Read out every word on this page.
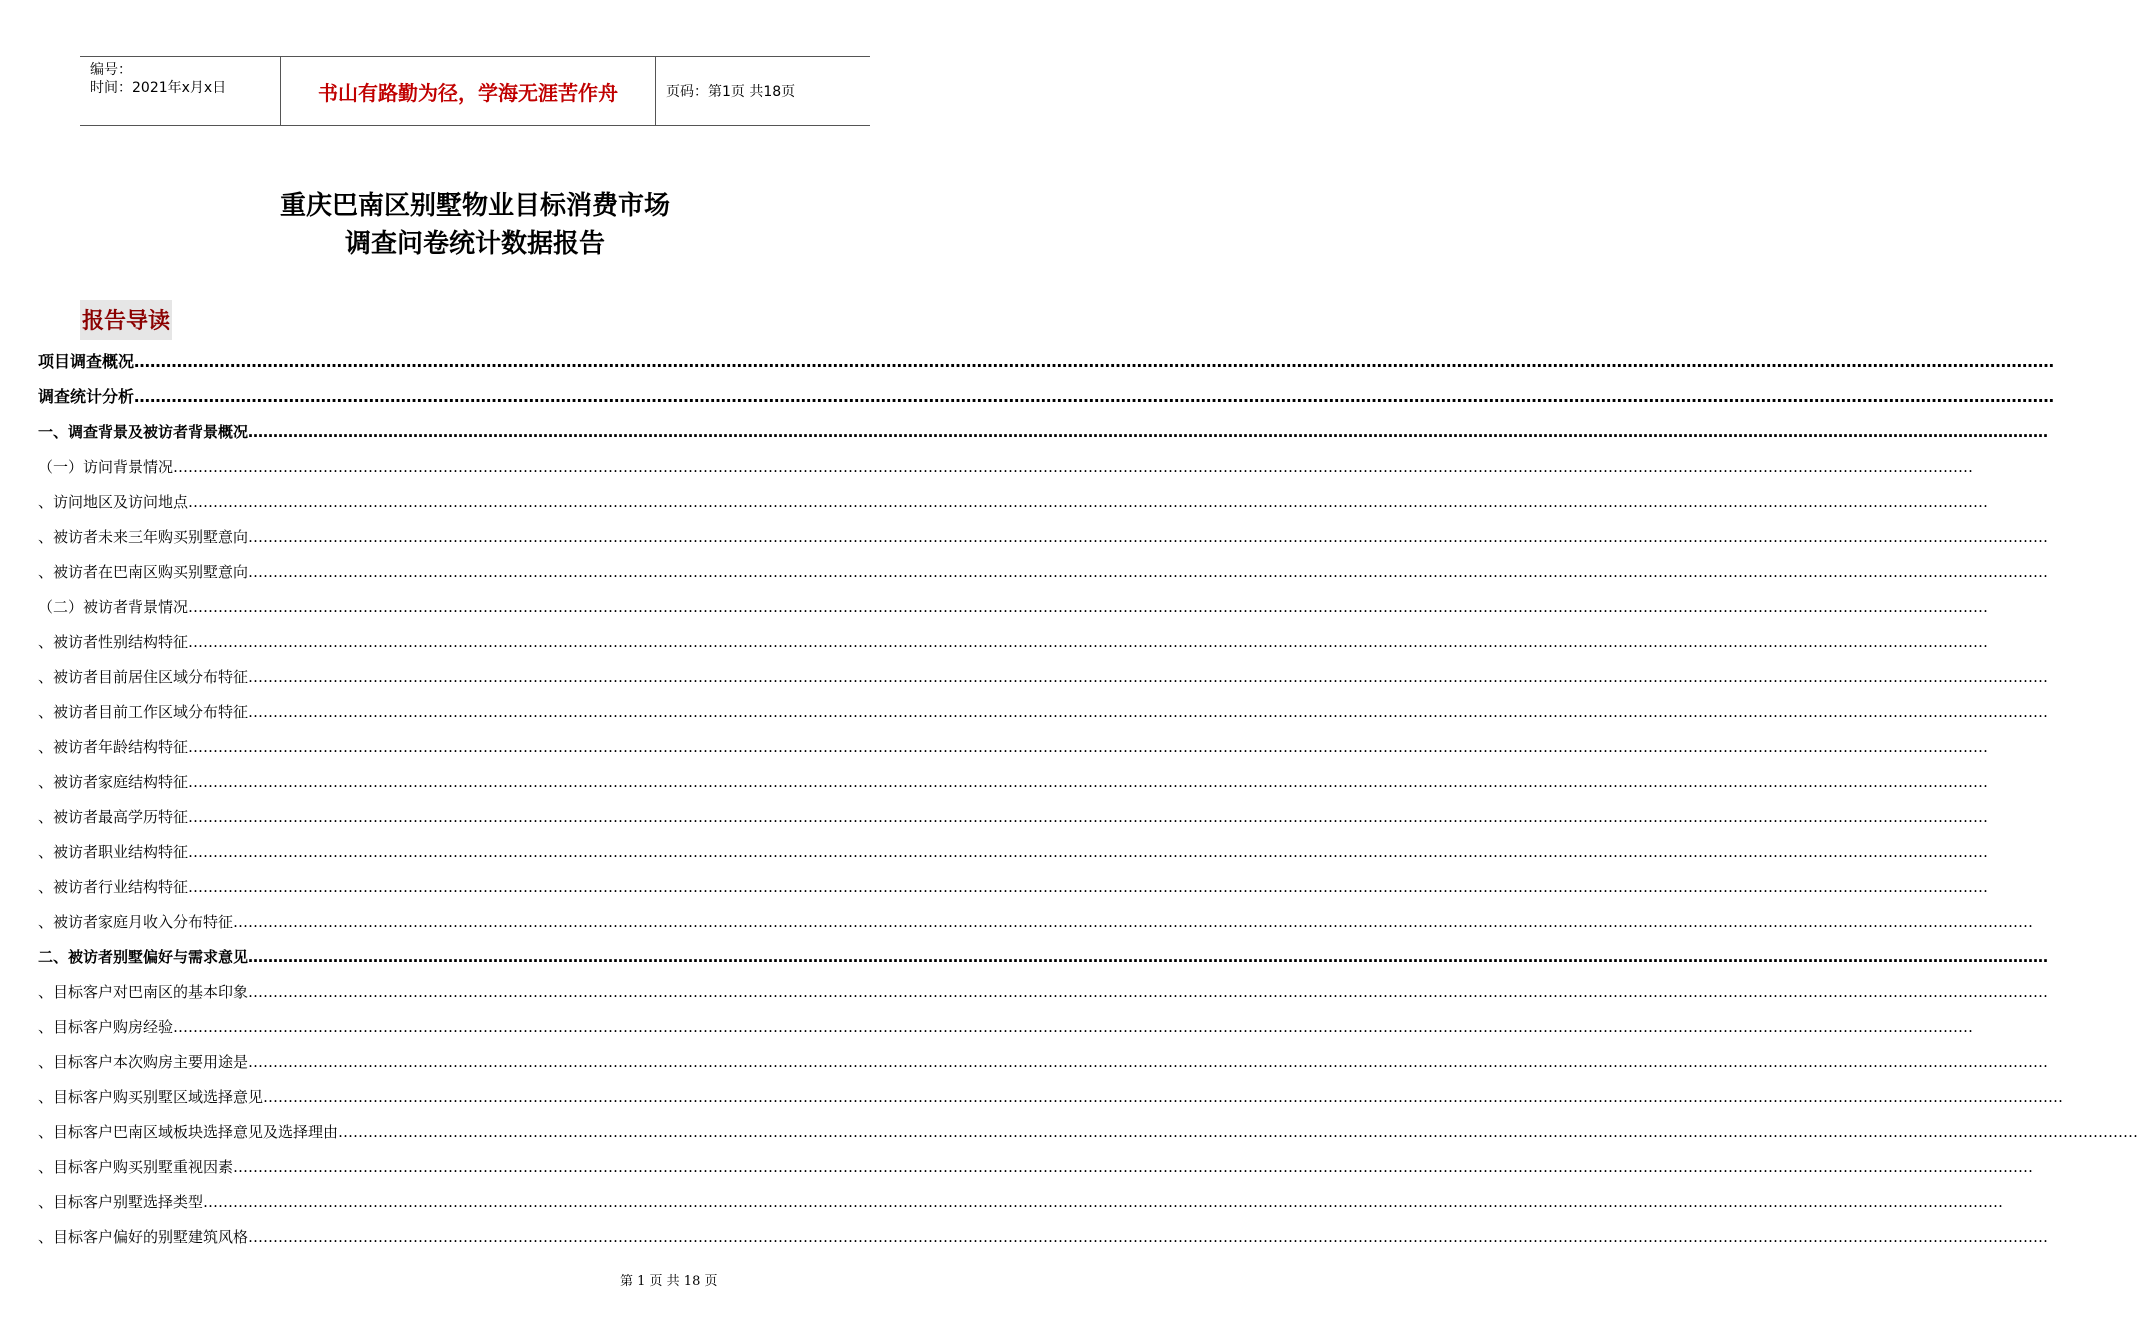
编号：
时间：2021年x月x日	书山有路勤为径，学海无涯苦作舟	页码：第1页 共18页
重庆巴南区别墅物业目标消费市场
调查问卷统计数据报告
报告导读
项目调查概况………………………………………………………………………………………………………………………………………………………………………………………………………………………………………………………………………………………………………………………………
调查统计分析………………………………………………………………………………………………………………………………………………………………………………………………………………………………………………………………………………………………………………………………
一、调查背景及被访者背景概况………………………………………………………………………………………………………………………………………………………………………………………………………………………………………………………………………………………………………………………………
（一）访问背景情况………………………………………………………………………………………………………………………………………………………………………………………………………………………………………………………………………………………………………………………………
、访问地区及访问地点………………………………………………………………………………………………………………………………………………………………………………………………………………………………………………………………………………………………………………………………
、被访者未来三年购买别墅意向………………………………………………………………………………………………………………………………………………………………………………………………………………………………………………………………………………………………………………………………
、被访者在巴南区购买别墅意向………………………………………………………………………………………………………………………………………………………………………………………………………………………………………………………………………………………………………………………………
（二）被访者背景情况………………………………………………………………………………………………………………………………………………………………………………………………………………………………………………………………………………………………………………………………
、被访者性别结构特征………………………………………………………………………………………………………………………………………………………………………………………………………………………………………………………………………………………………………………………………
、被访者目前居住区域分布特征………………………………………………………………………………………………………………………………………………………………………………………………………………………………………………………………………………………………………………………………
、被访者目前工作区域分布特征………………………………………………………………………………………………………………………………………………………………………………………………………………………………………………………………………………………………………………………………
、被访者年龄结构特征………………………………………………………………………………………………………………………………………………………………………………………………………………………………………………………………………………………………………………………………
、被访者家庭结构特征………………………………………………………………………………………………………………………………………………………………………………………………………………………………………………………………………………………………………………………………
、被访者最高学历特征………………………………………………………………………………………………………………………………………………………………………………………………………………………………………………………………………………………………………………………………
、被访者职业结构特征………………………………………………………………………………………………………………………………………………………………………………………………………………………………………………………………………………………………………………………………
、被访者行业结构特征………………………………………………………………………………………………………………………………………………………………………………………………………………………………………………………………………………………………………………………………
、被访者家庭月收入分布特征………………………………………………………………………………………………………………………………………………………………………………………………………………………………………………………………………………………………………………………………
二、被访者别墅偏好与需求意见………………………………………………………………………………………………………………………………………………………………………………………………………………………………………………………………………………………………………………………………
、目标客户对巴南区的基本印象………………………………………………………………………………………………………………………………………………………………………………………………………………………………………………………………………………………………………………………………
、目标客户购房经验………………………………………………………………………………………………………………………………………………………………………………………………………………………………………………………………………………………………………………………………
、目标客户本次购房主要用途是………………………………………………………………………………………………………………………………………………………………………………………………………………………………………………………………………………………………………………………………
、目标客户购买别墅区域选择意见………………………………………………………………………………………………………………………………………………………………………………………………………………………………………………………………………………………………………………………………
、目标客户巴南区域板块选择意见及选择理由………………………………………………………………………………………………………………………………………………………………………………………………………………………………………………………………………………………………………………………………
、目标客户购买别墅重视因素………………………………………………………………………………………………………………………………………………………………………………………………………………………………………………………………………………………………………………………………
、目标客户别墅选择类型………………………………………………………………………………………………………………………………………………………………………………………………………………………………………………………………………………………………………………………………
、目标客户偏好的别墅建筑风格………………………………………………………………………………………………………………………………………………………………………………………………………………………………………………………………………………………………………………………………
第 1 页 共 18 页
